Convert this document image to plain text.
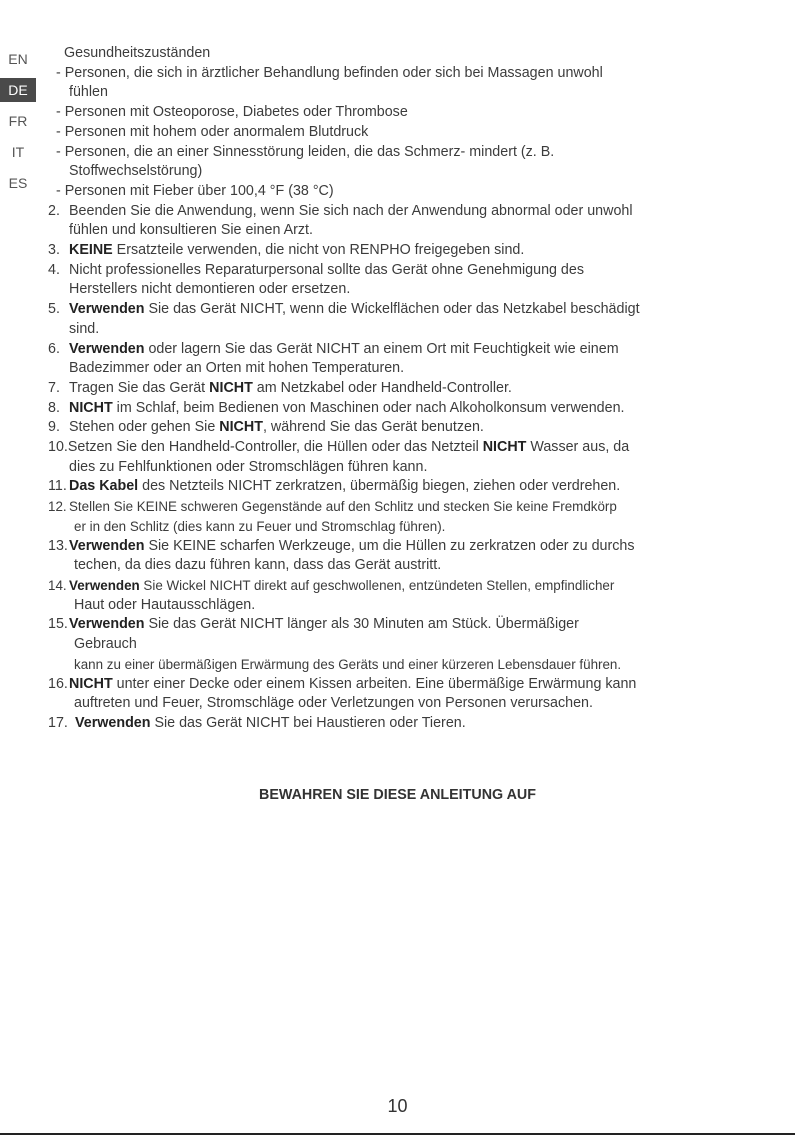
EN
DE
FR
IT
ES
Gesundheitszuständen
- Personen, die sich in ärztlicher Behandlung befinden oder sich bei Massagen unwohl
fühlen
- Personen mit Osteoporose, Diabetes oder Thrombose
- Personen mit hohem oder anormalem Blutdruck
- Personen, die an einer Sinnesstörung leiden, die das Schmerz- mindert (z. B.
Stoffwechselstörung)
- Personen mit Fieber über 100,4 °F (38 °C)
2. Beenden Sie die Anwendung, wenn Sie sich nach der Anwendung abnormal oder unwohl
fühlen und konsultieren Sie einen Arzt.
3. KEINE Ersatzteile verwenden, die nicht von RENPHO freigegeben sind.
4. Nicht professionelles Reparaturpersonal sollte das Gerät ohne Genehmigung des
Herstellers nicht demontieren oder ersetzen.
5. Verwenden Sie das Gerät NICHT, wenn die Wickelflächen oder das Netzkabel beschädigt
sind.
6. Verwenden oder lagern Sie das Gerät NICHT an einem Ort mit Feuchtigkeit wie einem
Badezimmer oder an Orten mit hohen Temperaturen.
7. Tragen Sie das Gerät NICHT am Netzkabel oder Handheld-Controller.
8. NICHT im Schlaf, beim Bedienen von Maschinen oder nach Alkoholkonsum verwenden.
9. Stehen oder gehen Sie NICHT, während Sie das Gerät benutzen.
10.Setzen Sie den Handheld-Controller, die Hüllen oder das Netzteil NICHT Wasser aus, da
dies zu Fehlfunktionen oder Stromschlägen führen kann.
11. Das Kabel des Netzteils NICHT zerkratzen, übermäßig biegen, ziehen oder verdrehen.
12. Stellen Sie KEINE schweren Gegenstände auf den Schlitz und stecken Sie keine Fremdkörp
er in den Schlitz (dies kann zu Feuer und Stromschlag führen).
13.Verwenden Sie KEINE scharfen Werkzeuge, um die Hüllen zu zerkratzen oder zu durchs
techen, da dies dazu führen kann, dass das Gerät austritt.
14. Verwenden Sie Wickel NICHT direkt auf geschwollenen, entzündeten Stellen, empfindlicher
Haut oder Hautausschlägen.
15.Verwenden Sie das Gerät NICHT länger als 30 Minuten am Stück. Übermäßiger
Gebrauch
kann zu einer übermäßigen Erwärmung des Geräts und einer kürzeren Lebensdauer führen.
16.NICHT unter einer Decke oder einem Kissen arbeiten. Eine übermäßige Erwärmung kann
auftreten und Feuer, Stromschläge oder Verletzungen von Personen verursachen.
17. Verwenden Sie das Gerät NICHT bei Haustieren oder Tieren.
BEWAHREN SIE DIESE ANLEITUNG AUF
10
